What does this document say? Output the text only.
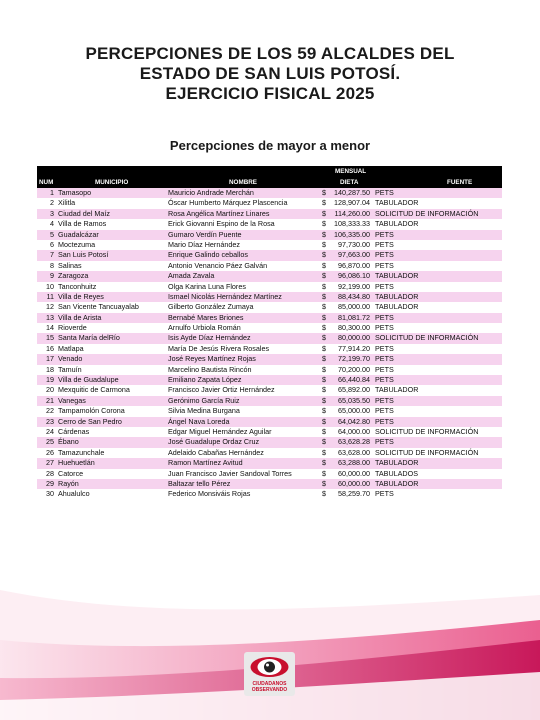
PERCEPCIONES DE LOS 59 ALCALDES DEL
ESTADO DE SAN LUIS POTOSÍ.
EJERCICIO FISICAL 2025
Percepciones de mayor a menor
NUM	MUNICIPIO	NOMBRE
MENSUAL
DIETA	FUENTE
1 Tamasopo	Mauricio Andrade Merchán	$	140,287.50 PETS
2 Xilitla	Óscar Humberto Márquez Plascencia	$	128,907.04 TABULADOR
3 Ciudad del Maíz	Rosa Angélica Martínez Linares	$	114,260.00 SOLICITUD DE INFORMACIÓN
4 Villa de Ramos	Erick Giovanni Espino de la Rosa	$	108,333.33 TABULADOR
5 Guadalcázar	Gumaro Verdín Puente	$	106,335.00 PETS
6 Moctezuma	Mario Díaz Hernández	$	97,730.00 PETS
7 San Luis Potosí	Enrique Galindo ceballos	$	97,663.00 PETS
8 Salinas	Antonio Venancio Páez Galván	$	96,870.00 PETS
9 Zaragoza	Amada Zavala	$	96,086.10 TABULADOR
10 Tanconhuitz	Olga Karina Luna Flores	$	92,199.00 PETS
11 Villa de Reyes	Ismael Nicolás Hernández Martínez	$	88,434.80 TABULADOR
12 San Vicente Tancuayalab	Gilberto González Zumaya	$	85,000.00 TABULADOR
13 Villa de Arista	Bernabé Mares Briones	$	81,081.72 PETS
14 Rioverde	Arnulfo Urbiola Román	$	80,300.00 PETS
15 Santa María delRío	Isis Ayde Díaz Hernández	$	80,000.00 SOLICITUD DE INFORMACIÓN
16 Matlapa	María De Jesús Rivera Rosales	$	77,914.20 PETS
17 Venado	José Reyes Martínez Rojas	$	72,199.70 PETS
18 Tamuín	Marcelino Bautista Rincón	$	70,200.00 PETS
19 Villa de Guadalupe	Emiliano Zapata López	$	66,440.84 PETS
20 Mexquitic de Carmona	Francisco Javier Ortiz Hernández	$	65,892.00 TABULADOR
21 Vanegas	Gerónimo García Ruiz	$	65,035.50 PETS
22 Tampamolón Corona	Silvia Medina Burgana	$	65,000.00 PETS
23 Cerro de San Pedro	Ángel Nava Loreda	$	64,042.80 PETS
24 Cárdenas	Edgar Miguel Hernández Aguilar	$	64,000.00 SOLICITUD DE INFORMACIÓN
25 Ébano	José Guadalupe Ordaz Cruz	$	63,628.28 PETS
26 Tamazunchale	Adelaido Cabañas Hernández	$	63,628.00 SOLICITUD DE INFORMACIÓN
27 Huehuetlán	Ramon Martínez Avitud	$	63,288.00 TABULADOR
28 Catorce	Juan Francisco Javier Sandoval Torres	$	60,000.00 TABULADOS
29 Rayón	Baltazar tello Pérez	$	60,000.00 TABULADOR
30 Ahualulco	Federico Monsiváis Rojas	$	58,259.70 PETS
CIUDADANOS
OBSERVANDO
